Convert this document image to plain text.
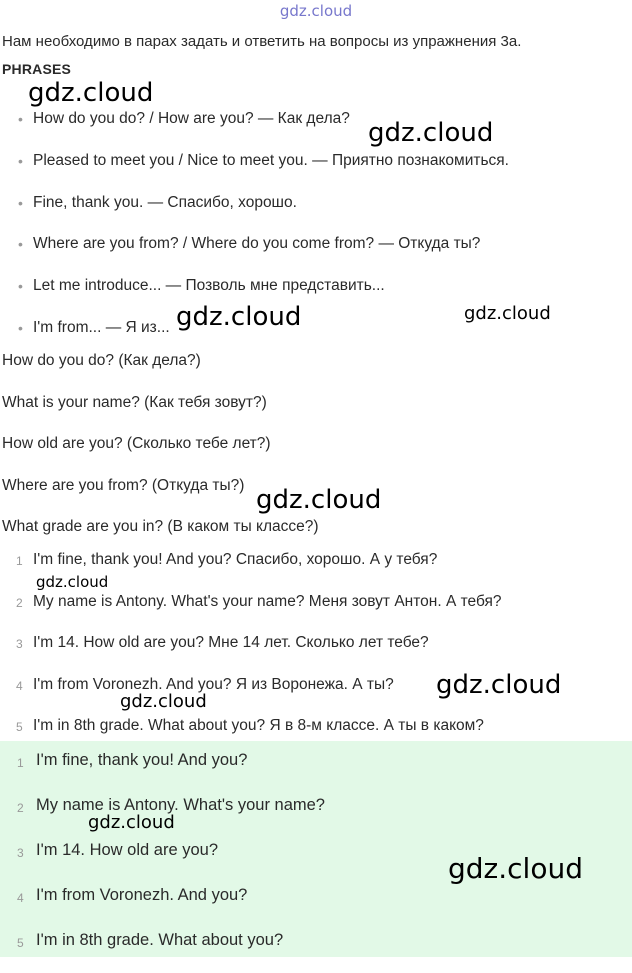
gdz.cloud
Нам необходимо в парах задать и ответить на вопросы из упражнения 3а.
PHRASES
• How do you do? / How are you? — Как дела?
• Pleased to meet you / Nice to meet you. — Приятно познакомиться.
• Fine, thank you. — Спасибо, хорошо.
• Where are you from? / Where do you come from? — Откуда ты?
• Let me introduce... — Позволь мне представить...
• I'm from... — Я из...
How do you do? (Как дела?)
What is your name? (Как тебя зовут?)
How old are you? (Сколько тебе лет?)
Where are you from? (Откуда ты?)
What grade are you in? (В каком ты классе?)
1 I'm fine, thank you! And you? Спасибо, хорошо. А у тебя?
2 My name is Antony. What's your name? Меня зовут Антон. А тебя?
3 I'm 14. How old are you? Мне 14 лет. Сколько лет тебе?
4 I'm from Voronezh. And you? Я из Воронежа. А ты?
5 I'm in 8th grade. What about you? Я в 8-м классе. А ты в каком?
1 I'm fine, thank you! And you?
2 My name is Antony. What's your name?
3 I'm 14. How old are you?
4 I'm from Voronezh. And you?
5 I'm in 8th grade. What about you?
gdz.cloud
gdz.cloud
gdz.cloud	gdz.cloud
gdz.cloud
gdz.cloud
gdz.cloud
gdz.cloud
gdz.cloud
gdz.cloud
